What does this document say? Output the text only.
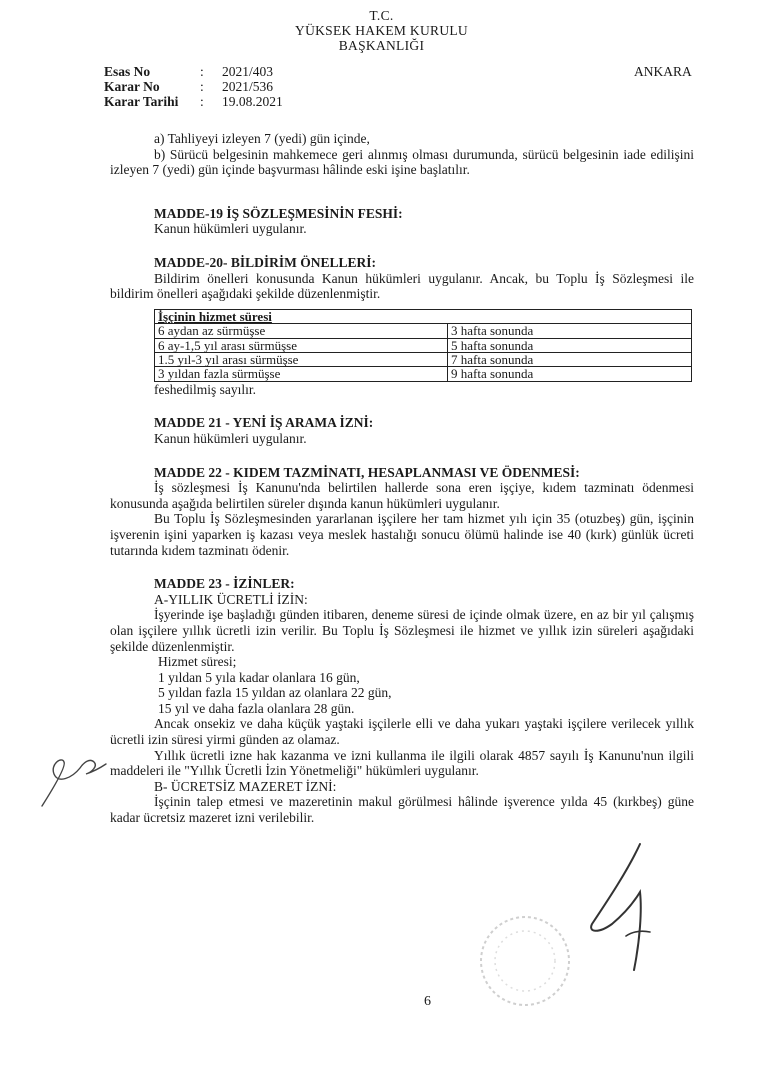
T.C.
YÜKSEK HAKEM KURULU
BAŞKANLIĞI
Esas No	:	2021/403
Karar No	:	2021/536
Karar Tarihi	:	19.08.2021
ANKARA

a) Tahliyeyi izleyen 7 (yedi) gün içinde,

b) Sürücü belgesinin mahkemece geri alınmış olması durumunda, sürücü belgesinin iade edilişini izleyen 7 (yedi) gün içinde başvurması hâlinde eski işine başlatılır.

MADDE-19 İŞ SÖZLEŞMESİNİN FESHİ:

Kanun hükümleri uygulanır.

MADDE-20- BİLDİRİM ÖNELLERİ:

Bildirim önelleri konusunda Kanun hükümleri uygulanır. Ancak, bu Toplu İş Sözleşmesi ile bildirim önelleri aşağıdaki şekilde düzenlenmiştir.

İşçinin hizmet süresi	
6 aydan az sürmüşse	3 hafta sonunda
6 ay-1,5 yıl arası sürmüşse	5 hafta sonunda
1.5 yıl-3 yıl arası sürmüşse	7 hafta sonunda
3 yıldan fazla sürmüşse	9 hafta sonunda

feshedilmiş sayılır.

MADDE 21 - YENİ İŞ ARAMA İZNİ:

Kanun hükümleri uygulanır.

MADDE 22 - KIDEM TAZMİNATI, HESAPLANMASI VE ÖDENMESİ:

İş sözleşmesi İş Kanunu'nda belirtilen hallerde sona eren işçiye, kıdem tazminatı ödenmesi konusunda aşağıda belirtilen süreler dışında kanun hükümleri uygulanır.

Bu Toplu İş Sözleşmesinden yararlanan işçilere her tam hizmet yılı için 35 (otuzbeş) gün, işçinin işverenin işini yaparken iş kazası veya meslek hastalığı sonucu ölümü halinde ise 40 (kırk) günlük ücreti tutarında kıdem tazminatı ödenir.

MADDE 23 - İZİNLER:

A-YILLIK ÜCRETLİ İZİN:

İşyerinde işe başladığı günden itibaren, deneme süresi de içinde olmak üzere, en az bir yıl çalışmış olan işçilere yıllık ücretli izin verilir. Bu Toplu İş Sözleşmesi ile hizmet ve yıllık izin süreleri aşağıdaki şekilde düzenlenmiştir.

Hizmet süresi;

1 yıldan 5 yıla kadar olanlara 16 gün,

5 yıldan fazla 15 yıldan az olanlara 22 gün,

15 yıl ve daha fazla olanlara 28 gün.

Ancak onsekiz ve daha küçük yaştaki işçilerle elli ve daha yukarı yaştaki işçilere verilecek yıllık ücretli izin süresi yirmi günden az olamaz.

Yıllık ücretli izne hak kazanma ve izni kullanma ile ilgili olarak 4857 sayılı İş Kanunu'nun ilgili maddeleri ile "Yıllık Ücretli İzin Yönetmeliği" hükümleri uygulanır.

B- ÜCRETSİZ MAZERET İZNİ:

İşçinin talep etmesi ve mazeretinin makul görülmesi hâlinde işverence yılda 45 (kırkbeş) güne kadar ücretsiz mazeret izni verilebilir.

6
